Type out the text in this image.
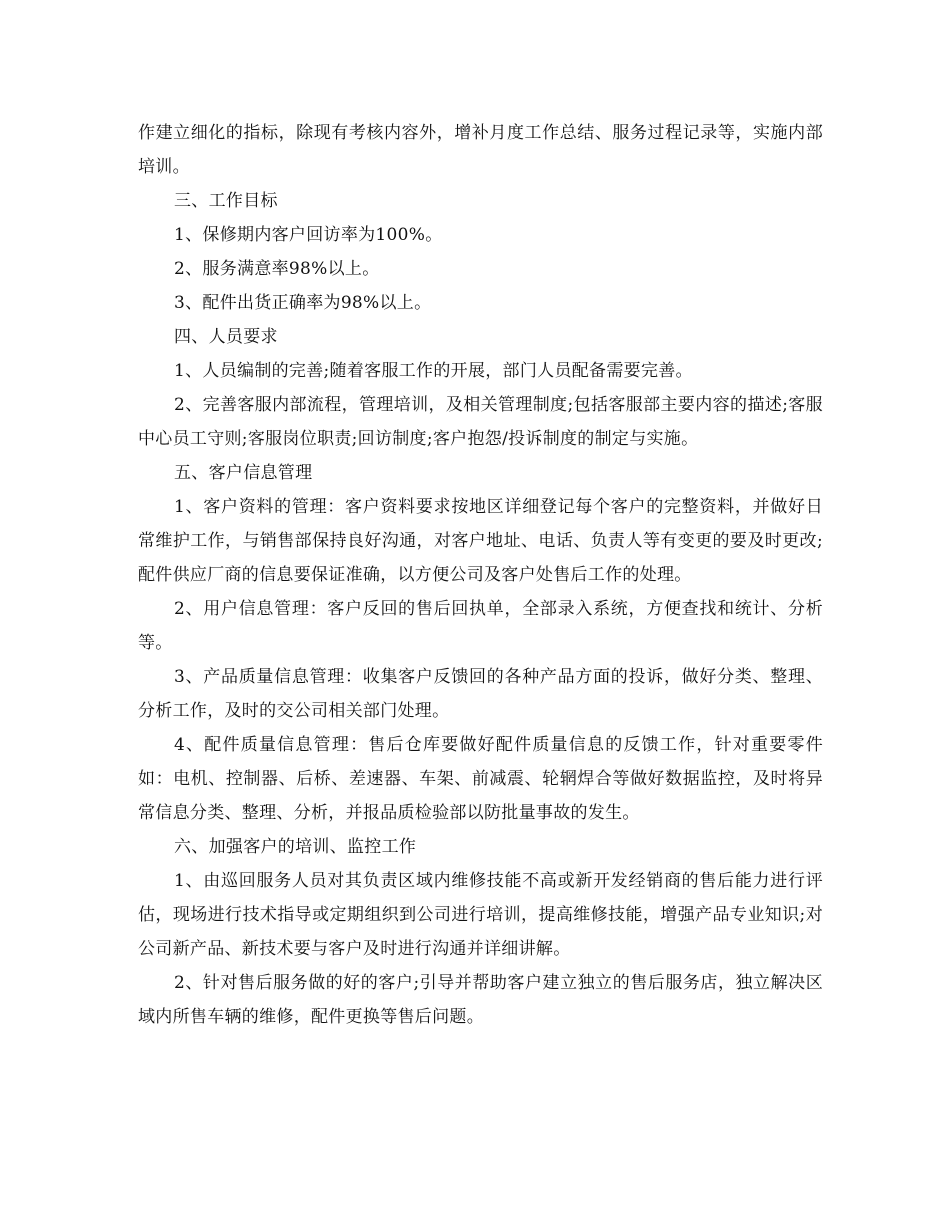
作建立细化的指标，除现有考核内容外，增补月度工作总结、服务过程记录等，实施内部培训。

三、工作目标

1、保修期内客户回访率为100%。

2、服务满意率98%以上。

3、配件出货正确率为98%以上。

四、人员要求

1、人员编制的完善;随着客服工作的开展，部门人员配备需要完善。

2、完善客服内部流程，管理培训，及相关管理制度;包括客服部主要内容的描述;客服中心员工守则;客服岗位职责;回访制度;客户抱怨/投诉制度的制定与实施。

五、客户信息管理

1、客户资料的管理：客户资料要求按地区详细登记每个客户的完整资料，并做好日常维护工作，与销售部保持良好沟通，对客户地址、电话、负责人等有变更的要及时更改;配件供应厂商的信息要保证准确，以方便公司及客户处售后工作的处理。

2、用户信息管理：客户反回的售后回执单，全部录入系统，方便查找和统计、分析等。

3、产品质量信息管理：收集客户反馈回的各种产品方面的投诉，做好分类、整理、分析工作，及时的交公司相关部门处理。

4、配件质量信息管理：售后仓库要做好配件质量信息的反馈工作，针对重要零件如：电机、控制器、后桥、差速器、车架、前减震、轮辋焊合等做好数据监控，及时将异常信息分类、整理、分析，并报品质检验部以防批量事故的发生。

六、加强客户的培训、监控工作

1、由巡回服务人员对其负责区域内维修技能不高或新开发经销商的售后能力进行评估，现场进行技术指导或定期组织到公司进行培训，提高维修技能，增强产品专业知识;对公司新产品、新技术要与客户及时进行沟通并详细讲解。

2、针对售后服务做的好的客户;引导并帮助客户建立独立的售后服务店，独立解决区域内所售车辆的维修，配件更换等售后问题。
